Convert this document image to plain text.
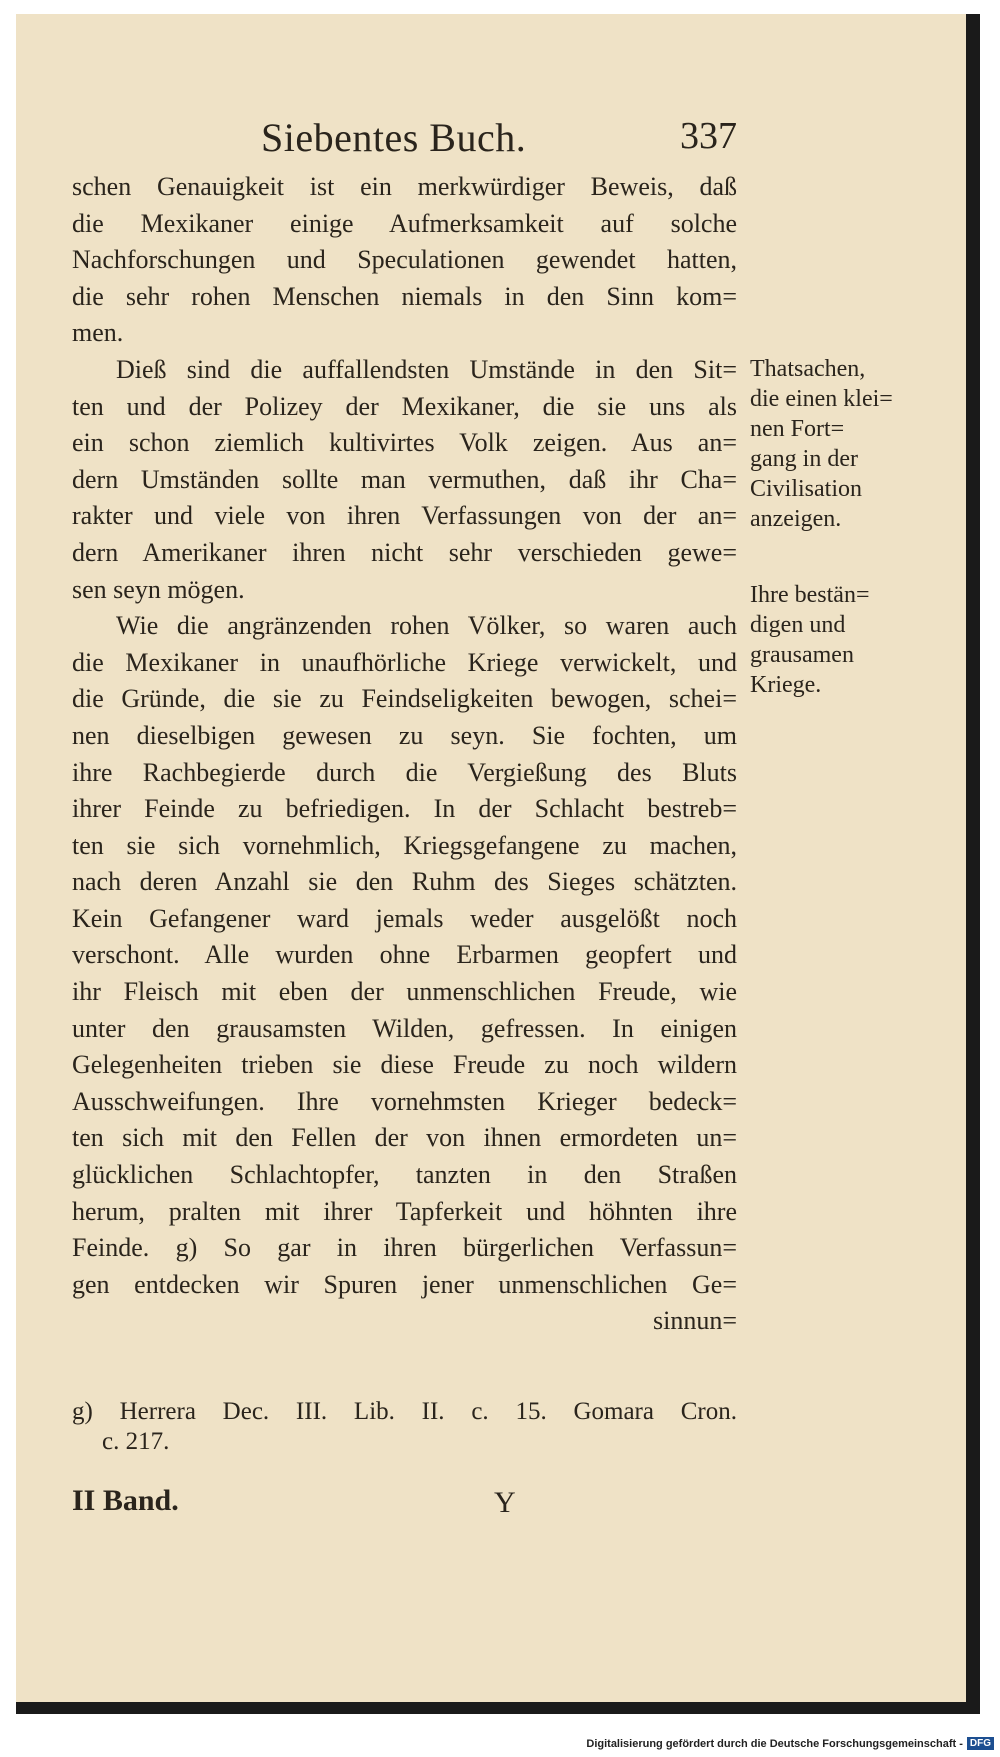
Siebentes Buch.	337
schen Genauigkeit ist ein merkwürdiger Beweis, daß
die Mexikaner einige Aufmerksamkeit auf solche
Nachforschungen und Speculationen gewendet hatten,
die sehr rohen Menschen niemals in den Sinn kom=
men.
Dieß sind die auffallendsten Umstände in den Sit=
ten und der Polizey der Mexikaner, die sie uns als
ein schon ziemlich kultivirtes Volk zeigen. Aus an=
dern Umständen sollte man vermuthen, daß ihr Cha=
rakter und viele von ihren Verfassungen von der an=
dern Amerikaner ihren nicht sehr verschieden gewe=
sen seyn mögen.
Wie die angränzenden rohen Völker, so waren auch
die Mexikaner in unaufhörliche Kriege verwickelt, und
die Gründe, die sie zu Feindseligkeiten bewogen, schei=
nen dieselbigen gewesen zu seyn. Sie fochten, um
ihre Rachbegierde durch die Vergießung des Bluts
ihrer Feinde zu befriedigen. In der Schlacht bestreb=
ten sie sich vornehmlich, Kriegsgefangene zu machen,
nach deren Anzahl sie den Ruhm des Sieges schätzten.
Kein Gefangener ward jemals weder ausgelößt noch
verschont. Alle wurden ohne Erbarmen geopfert und
ihr Fleisch mit eben der unmenschlichen Freude, wie
unter den grausamsten Wilden, gefressen. In einigen
Gelegenheiten trieben sie diese Freude zu noch wildern
Ausschweifungen. Ihre vornehmsten Krieger bedeck=
ten sich mit den Fellen der von ihnen ermordeten un=
glücklichen Schlachtopfer, tanzten in den Straßen
herum, pralten mit ihrer Tapferkeit und höhnten ihre
Feinde. g) So gar in ihren bürgerlichen Verfassun=
gen entdecken wir Spuren jener unmenschlichen Ge=
sinnun=
Thatsachen,
die einen klei=
nen Fort=
gang in der
Civilisation
anzeigen.
Ihre bestän=
digen und
grausamen
Kriege.
g) Herrera Dec. III. Lib. II. c. 15. Gomara Cron.
c. 217.
II Band.	Y
Digitalisierung gefördert durch die Deutsche Forschungsgemeinschaft - DFG
